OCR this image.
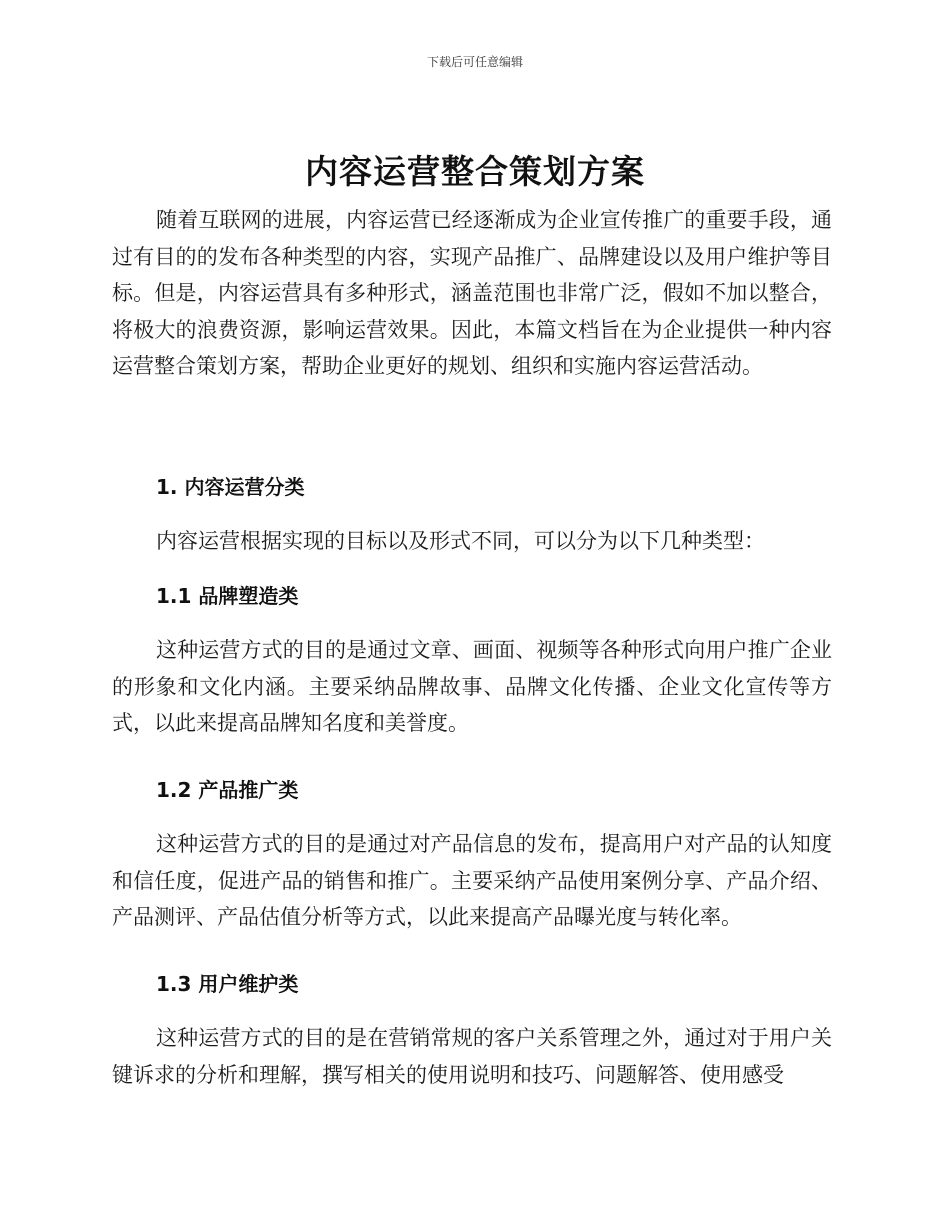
下载后可任意编辑
内容运营整合策划方案

随着互联网的进展，内容运营已经逐渐成为企业宣传推广的重要手段，通过有目的的发布各种类型的内容，实现产品推广、品牌建设以及用户维护等目标。但是，内容运营具有多种形式，涵盖范围也非常广泛，假如不加以整合，将极大的浪费资源，影响运营效果。因此，本篇文档旨在为企业提供一种内容运营整合策划方案，帮助企业更好的规划、组织和实施内容运营活动。

1. 内容运营分类

内容运营根据实现的目标以及形式不同，可以分为以下几种类型：

1.1 品牌塑造类

这种运营方式的目的是通过文章、画面、视频等各种形式向用户推广企业的形象和文化内涵。主要采纳品牌故事、品牌文化传播、企业文化宣传等方式，以此来提高品牌知名度和美誉度。

1.2 产品推广类

这种运营方式的目的是通过对产品信息的发布，提高用户对产品的认知度和信任度，促进产品的销售和推广。主要采纳产品使用案例分享、产品介绍、产品测评、产品估值分析等方式，以此来提高产品曝光度与转化率。

1.3 用户维护类

这种运营方式的目的是在营销常规的客户关系管理之外，通过对于用户关键诉求的分析和理解，撰写相关的使用说明和技巧、问题解答、使用感受
